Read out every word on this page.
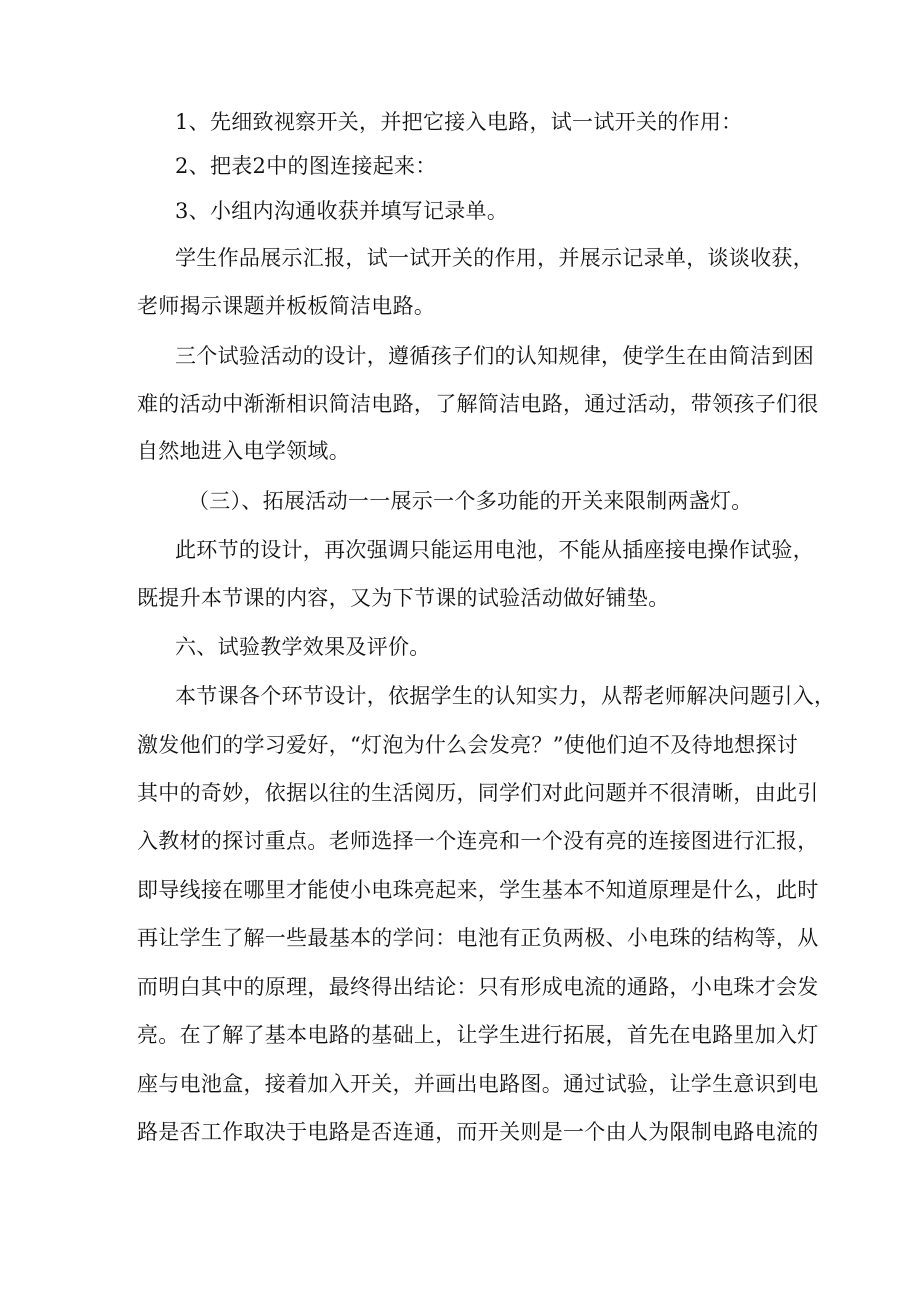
1、先细致视察开关，并把它接入电路，试一试开关的作用：
2、把表2中的图连接起来：
3、小组内沟通收获并填写记录单。
学生作品展示汇报，试一试开关的作用，并展示记录单，谈谈收获，
老师揭示课题并板板简洁电路。
三个试验活动的设计，遵循孩子们的认知规律，使学生在由简洁到困
难的活动中渐渐相识简洁电路，了解简洁电路，通过活动，带领孩子们很
自然地进入电学领域。
（三）、拓展活动一一展示一个多功能的开关来限制两盏灯。
此环节的设计，再次强调只能运用电池，不能从插座接电操作试验，
既提升本节课的内容，又为下节课的试验活动做好铺垫。
六、试验教学效果及评价。
本节课各个环节设计，依据学生的认知实力，从帮老师解决问题引入，
激发他们的学习爱好，“灯泡为什么会发亮？”使他们迫不及待地想探讨
其中的奇妙，依据以往的生活阅历，同学们对此问题并不很清晰，由此引
入教材的探讨重点。老师选择一个连亮和一个没有亮的连接图进行汇报，
即导线接在哪里才能使小电珠亮起来，学生基本不知道原理是什么，此时
再让学生了解一些最基本的学问：电池有正负两极、小电珠的结构等，从
而明白其中的原理，最终得出结论：只有形成电流的通路，小电珠才会发
亮。在了解了基本电路的基础上，让学生进行拓展，首先在电路里加入灯
座与电池盒，接着加入开关，并画出电路图。通过试验，让学生意识到电
路是否工作取决于电路是否连通，而开关则是一个由人为限制电路电流的
